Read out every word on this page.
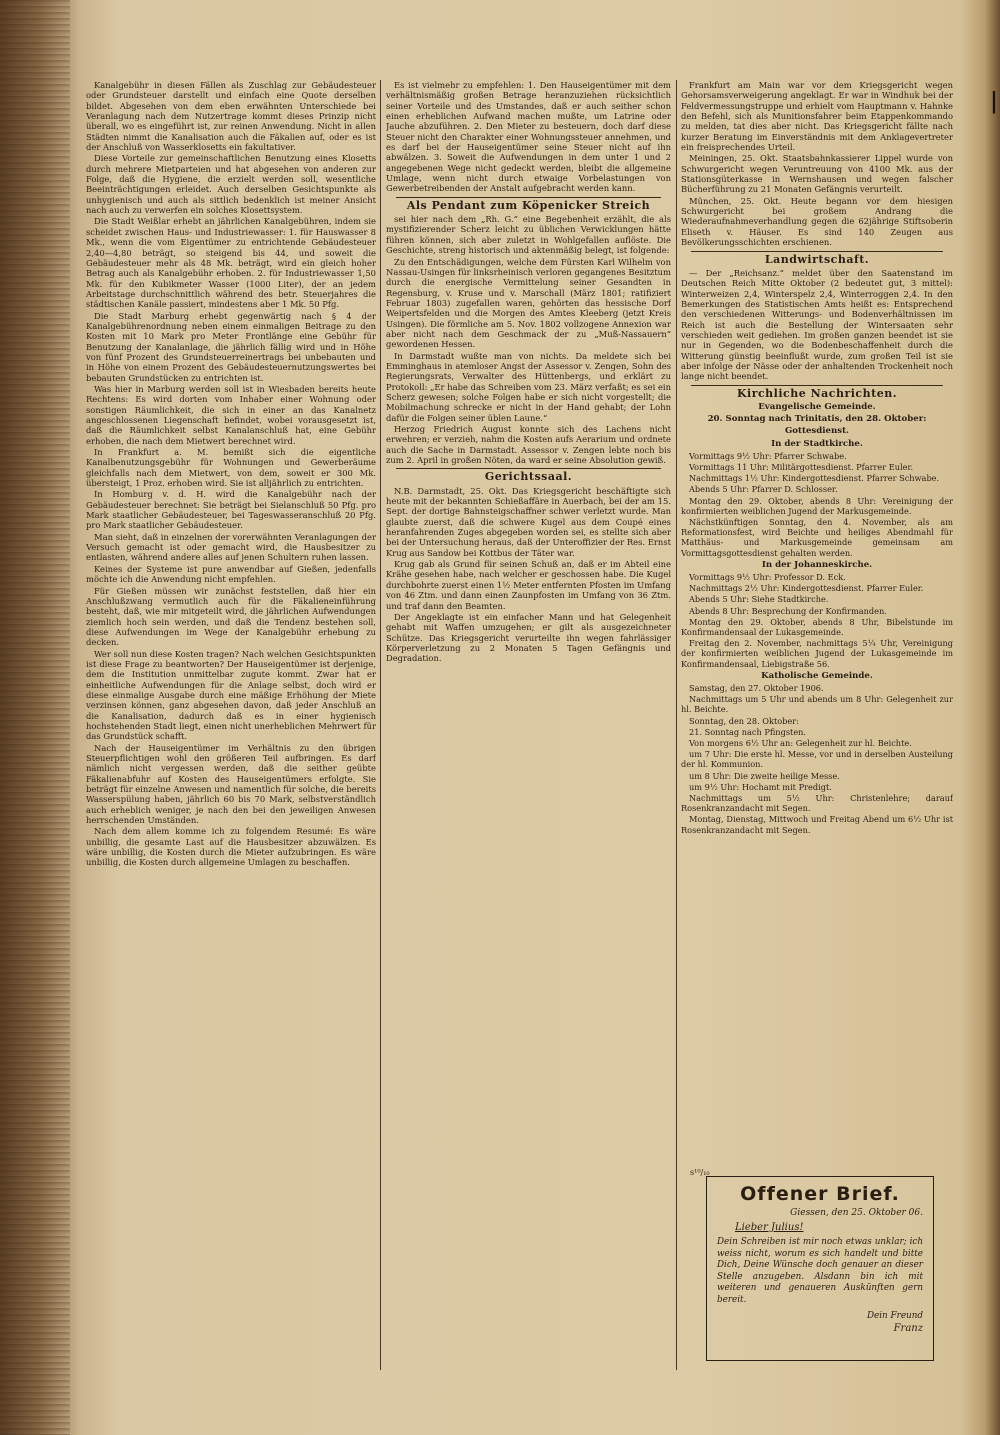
Kanalgebühr in diesen Fällen als Zuschlag zur Gebäudesteuer oder Grundsteuer darstellt und einfach eine Quote derselben bildet. Abgesehen von dem eben erwähnten Unterschiede bei Veranlagung nach dem Nutzertrage kommt dieses Prinzip nicht überall, wo es eingeführt ist, zur reinen Anwendung. Nicht in allen Städten nimmt die Kanalisation auch die Fäkalien auf, oder es ist der Anschluß von Wasserklosetts ein fakultativer.

Diese Vorteile zur gemeinschaftlichen Benutzung eines Klosetts durch mehrere Mietparteien und hat abgesehen von anderen zur Folge, daß die Hygiene, die erzielt werden soll, wesentliche Beeinträchtigungen erleidet. Auch derselben Gesichtspunkte als unhygienisch und auch als sittlich bedenklich ist meiner Ansicht nach auch zu verwerfen ein solches Klosettsystem.

Die Stadt Weißlar erhebt an jährlichen Kanalgebühren, indem sie scheidet zwischen Haus- und Industriewasser: 1. für Hauswasser 8 Mk., wenn die vom Eigentümer zu entrichtende Gebäudesteuer 2,40—4,80 beträgt, so steigend bis 44, und soweit die Gebäudesteuer mehr als 48 Mk. beträgt, wird ein gleich hoher Betrag auch als Kanalgebühr erhoben. 2. für Industriewasser 1,50 Mk. für den Kubikmeter Wasser (1000 Liter), der an jedem Arbeitstage durchschnittlich während des betr. Steuerjahres die städtischen Kanäle passiert, mindestens aber 1 Mk. 50 Pfg.

Die Stadt Marburg erhebt gegenwärtig nach § 4 der Kanalgebührenordnung neben einem einmaligen Beitrage zu den Kosten mit 10 Mark pro Meter Frontlänge eine Gebühr für Benutzung der Kanalanlage, die jährlich fällig wird und in Höhe von fünf Prozent des Grundsteuerreinertrags bei unbebauten und in Höhe von einem Prozent des Gebäudesteuernutzungswertes bei bebauten Grundstücken zu entrichten ist.

Was hier in Marburg werden soll ist in Wiesbaden bereits heute Rechtens: Es wird dorten vom Inhaber einer Wohnung oder sonstigen Räumlichkeit, die sich in einer an das Kanalnetz angeschlossenen Liegenschaft befindet, wobei vorausgesetzt ist, daß die Räumlichkeit selbst Kanalanschluß hat, eine Gebühr erhoben, die nach dem Mietwert berechnet wird.

In Frankfurt a. M. bemißt sich die eigentliche Kanalbenutzungsgebühr für Wohnungen und Gewerberäume gleichfalls nach dem Mietwert, von dem, soweit er 300 Mk. übersteigt, 1 Proz. erhoben wird. Sie ist alljährlich zu entrichten.

In Homburg v. d. H. wird die Kanalgebühr nach der Gebäudesteuer berechnet: Sie beträgt bei Sielanschluß 50 Pfg. pro Mark staatlicher Gebäudesteuer, bei Tageswasseranschluß 20 Pfg. pro Mark staatlicher Gebäudesteuer.

Man sieht, daß in einzelnen der vorerwähnten Veranlagungen der Versuch gemacht ist oder gemacht wird, die Hausbesitzer zu entlasten, während andere alles auf jenen Schultern ruhen lassen.

Keines der Systeme ist pure anwendbar auf Gießen, jedenfalls möchte ich die Anwendung nicht empfehlen.

Für Gießen müssen wir zunächst feststellen, daß hier ein Anschlußzwang vermutlich auch für die Fäkalieneinführung besteht, daß, wie mir mitgeteilt wird, die jährlichen Aufwendungen ziemlich hoch sein werden, und daß die Tendenz bestehen soll, diese Aufwendungen im Wege der Kanalgebühr erhebung zu decken.

Wer soll nun diese Kosten tragen? Nach welchen Gesichtspunkten ist diese Frage zu beantworten? Der Hauseigentümer ist derjenige, dem die Institution unmittelbar zugute kommt. Zwar hat er einheitliche Aufwendungen für die Anlage selbst, doch wird er diese einmalige Ausgabe durch eine mäßige Erhöhung der Miete verzinsen können, ganz abgesehen davon, daß jeder Anschluß an die Kanalisation, dadurch daß es in einer hygienisch hochstehenden Stadt liegt, einen nicht unerheblichen Mehrwert für das Grundstück schafft.

Nach der Hauseigentümer im Verhältnis zu den übrigen Steuerpflichtigen wohl den größeren Teil aufbringen. Es darf nämlich nicht vergessen werden, daß die seither geübte Fäkalienabfuhr auf Kosten des Hauseigentümers erfolgte. Sie beträgt für einzelne Anwesen und namentlich für solche, die bereits Wasserspülung haben, jährlich 60 bis 70 Mark, selbstverständlich auch erheblich weniger, je nach den bei den jeweiligen Anwesen herrschenden Umständen.

Nach dem allem komme ich zu folgendem Resumé: Es wäre unbillig, die gesamte Last auf die Hausbesitzer abzuwälzen. Es wäre unbillig, die Kosten durch die Mieter aufzubringen. Es wäre unbillig, die Kosten durch allgemeine Umlagen zu beschaffen.

Es ist vielmehr zu empfehlen: 1. Den Hauseigentümer mit dem verhältnismäßig großen Betrage heranzuziehen rücksichtlich seiner Vorteile und des Umstandes, daß er auch seither schon einen erheblichen Aufwand machen mußte, um Latrine oder Jauche abzuführen. 2. Den Mieter zu besteuern, doch darf diese Steuer nicht den Charakter einer Wohnungssteuer annehmen, und es darf bei der Hauseigentümer seine Steuer nicht auf ihn abwälzen. 3. Soweit die Aufwendungen in dem unter 1 und 2 angegebenen Wege nicht gedeckt werden, bleibt die allgemeine Umlage, wenn nicht durch etwaige Vorbelastungen von Gewerbetreibenden der Anstalt aufgebracht werden kann.

Als Pendant zum Köpenicker Streich

sei hier nach dem „Rh. G.“ eine Begebenheit erzählt, die als mystifizierender Scherz leicht zu üblichen Verwicklungen hätte führen können, sich aber zuletzt in Wohlgefallen auflöste. Die Geschichte, streng historisch und aktenmäßig belegt, ist folgende:

Zu den Entschädigungen, welche dem Fürsten Karl Wilhelm von Nassau-Usingen für linksrheinisch verloren gegangenes Besitztum durch die energische Vermittelung seiner Gesandten in Regensburg, v. Kruse und v. Marschall (März 1801; ratifiziert Februar 1803) zugefallen waren, gehörten das hessische Dorf Weipertsfelden und die Morgen des Amtes Kleeberg (jetzt Kreis Usingen). Die förmliche am 5. Nov. 1802 vollzogene Annexion war aber nicht nach dem Geschmack der zu „Muß-Nassauern“ gewordenen Hessen.

In Darmstadt wußte man von nichts. Da meldete sich bei Emminghaus in atemloser Angst der Assessor v. Zengen, Sohn des Regierungsrats, Verwalter des Hüttenbergs, und erklärt zu Protokoll: „Er habe das Schreiben vom 23. März verfaßt; es sei ein Scherz gewesen; solche Folgen habe er sich nicht vorgestellt; die Mobilmachung schrecke er nicht in der Hand gehabt; der Lohn dafür die Folgen seiner üblen Laune.“

Herzog Friedrich August konnte sich des Lachens nicht erwehren; er verzieh, nahm die Kosten aufs Aerarium und ordnete auch die Sache in Darmstadt. Assessor v. Zengen lebte noch bis zum 2. April in großen Nöten, da ward er seine Absolution gewiß.

Gerichtssaal.

N.B. Darmstadt, 25. Okt. Das Kriegsgericht beschäftigte sich heute mit der bekannten Schießaffäre in Auerbach, bei der am 15. Sept. der dortige Bahnsteigschaffner schwer verletzt wurde. Man glaubte zuerst, daß die schwere Kugel aus dem Coupé eines heranfahrenden Zuges abgegeben worden sei, es stellte sich aber bei der Untersuchung heraus, daß der Unteroffizier der Res. Ernst Krug aus Sandow bei Kottbus der Täter war.

Krug gab als Grund für seinen Schuß an, daß er im Abteil eine Krähe gesehen habe, nach welcher er geschossen habe. Die Kugel durchbohrte zuerst einen 1½ Meter entfernten Pfosten im Umfang von 46 Ztm. und dann einen Zaunpfosten im Umfang von 36 Ztm. und traf dann den Beamten.

Der Angeklagte ist ein einfacher Mann und hat Gelegenheit gehabt mit Waffen umzugehen; er gilt als ausgezeichneter Schütze. Das Kriegsgericht verurteilte ihn wegen fahrlässiger Körperverletzung zu 2 Monaten 5 Tagen Gefängnis und Degradation.

Frankfurt am Main war vor dem Kriegsgericht wegen Gehorsamsverweigerung angeklagt. Er war in Windhuk bei der Feldvermessungstruppe und erhielt vom Hauptmann v. Hahnke den Befehl, sich als Munitionsfahrer beim Etappenkommando zu melden, tat dies aber nicht. Das Kriegsgericht fällte nach kurzer Beratung im Einverständnis mit dem Anklagevertreter ein freisprechendes Urteil.

Meiningen, 25. Okt. Staatsbahnkassierer Lippel wurde von Schwurgericht wegen Veruntreuung von 4100 Mk. aus der Stationsgüterkasse in Wernshausen und wegen falscher Bücherführung zu 21 Monaten Gefängnis verurteilt.

München, 25. Okt. Heute begann vor dem hiesigen Schwurgericht bei großem Andrang die Wiederaufnahmeverhandlung gegen die 62jährige Stiftsoberin Eliseth v. Häuser. Es sind 140 Zeugen aus Bevölkerungsschichten erschienen.

Landwirtschaft.

— Der „Reichsanz.“ meldet über den Saatenstand im Deutschen Reich Mitte Oktober (2 bedeutet gut, 3 mittel): Winterweizen 2,4, Winterspelz 2,4, Winterroggen 2,4. In den Bemerkungen des Statistischen Amts heißt es: Entsprechend den verschiedenen Witterungs- und Bodenverhältnissen im Reich ist auch die Bestellung der Wintersaaten sehr verschieden weit gediehen. Im großen ganzen beendet ist sie nur in Gegenden, wo die Bodenbeschaffenheit durch die Witterung günstig beeinflußt wurde, zum großen Teil ist sie aber infolge der Nässe oder der anhaltenden Trockenheit noch lange nicht beendet.

Kirchliche Nachrichten.
Evangelische Gemeinde.
20. Sonntag nach Trinitatis, den 28. Oktober:
Gottesdienst.
In der Stadtkirche.

Vormittags 9½ Uhr: Pfarrer Schwabe.

Vormittags 11 Uhr: Militärgottesdienst. Pfarrer Euler.

Nachmittags 1½ Uhr: Kindergottesdienst. Pfarrer Schwabe.

Abends 5 Uhr: Pfarrer D. Schlosser.

Montag den 29. Oktober, abends 8 Uhr: Vereinigung der konfirmierten weiblichen Jugend der Markusgemeinde.

Nächstkünftigen Sonntag, den 4. November, als am Reformationsfest, wird Beichte und heiliges Abendmahl für Matthäus- und Markusgemeinde gemeinsam am Vormittagsgottesdienst gehalten werden.

In der Johanneskirche.

Vormittags 9½ Uhr: Professor D. Eck.

Nachmittags 2½ Uhr: Kindergottesdienst. Pfarrer Euler.

Abends 5 Uhr: Siehe Stadtkirche.

Abends 8 Uhr: Besprechung der Konfirmanden.

Montag den 29. Oktober, abends 8 Uhr, Bibelstunde im Konfirmandensaal der Lukasgemeinde.

Freitag den 2. November, nachmittags 5¼ Uhr, Vereinigung der konfirmierten weiblichen Jugend der Lukasgemeinde im Konfirmandensaal, Liebigstraße 56.

Katholische Gemeinde.

Samstag, den 27. Oktober 1906.

Nachmittags um 5 Uhr und abends um 8 Uhr: Gelegenheit zur hl. Beichte.

Sonntag, den 28. Oktober:

21. Sonntag nach Pfingsten.

Von morgens 6½ Uhr an: Gelegenheit zur hl. Beichte.

um 7 Uhr: Die erste hl. Messe, vor und in derselben Austeilung der hl. Kommunion.

um 8 Uhr: Die zweite heilige Messe.

um 9½ Uhr: Hochamt mit Predigt.

Nachmittags um 5½ Uhr: Christenlehre; darauf Rosenkranzandacht mit Segen.

Montag, Dienstag, Mittwoch und Freitag Abend um 6½ Uhr ist Rosenkranzandacht mit Segen.

s¹⁰/₁₀
Offener Brief.
Giessen, den 25. Oktober 06.
Lieber Julius!
Dein Schreiben ist mir noch etwas unklar; ich weiss nicht, worum es sich handelt und bitte Dich, Deine Wünsche doch genauer an dieser Stelle anzugeben. Alsdann bin ich mit weiteren und genaueren Auskünften gern bereit.
Dein Freund
Franz
|
